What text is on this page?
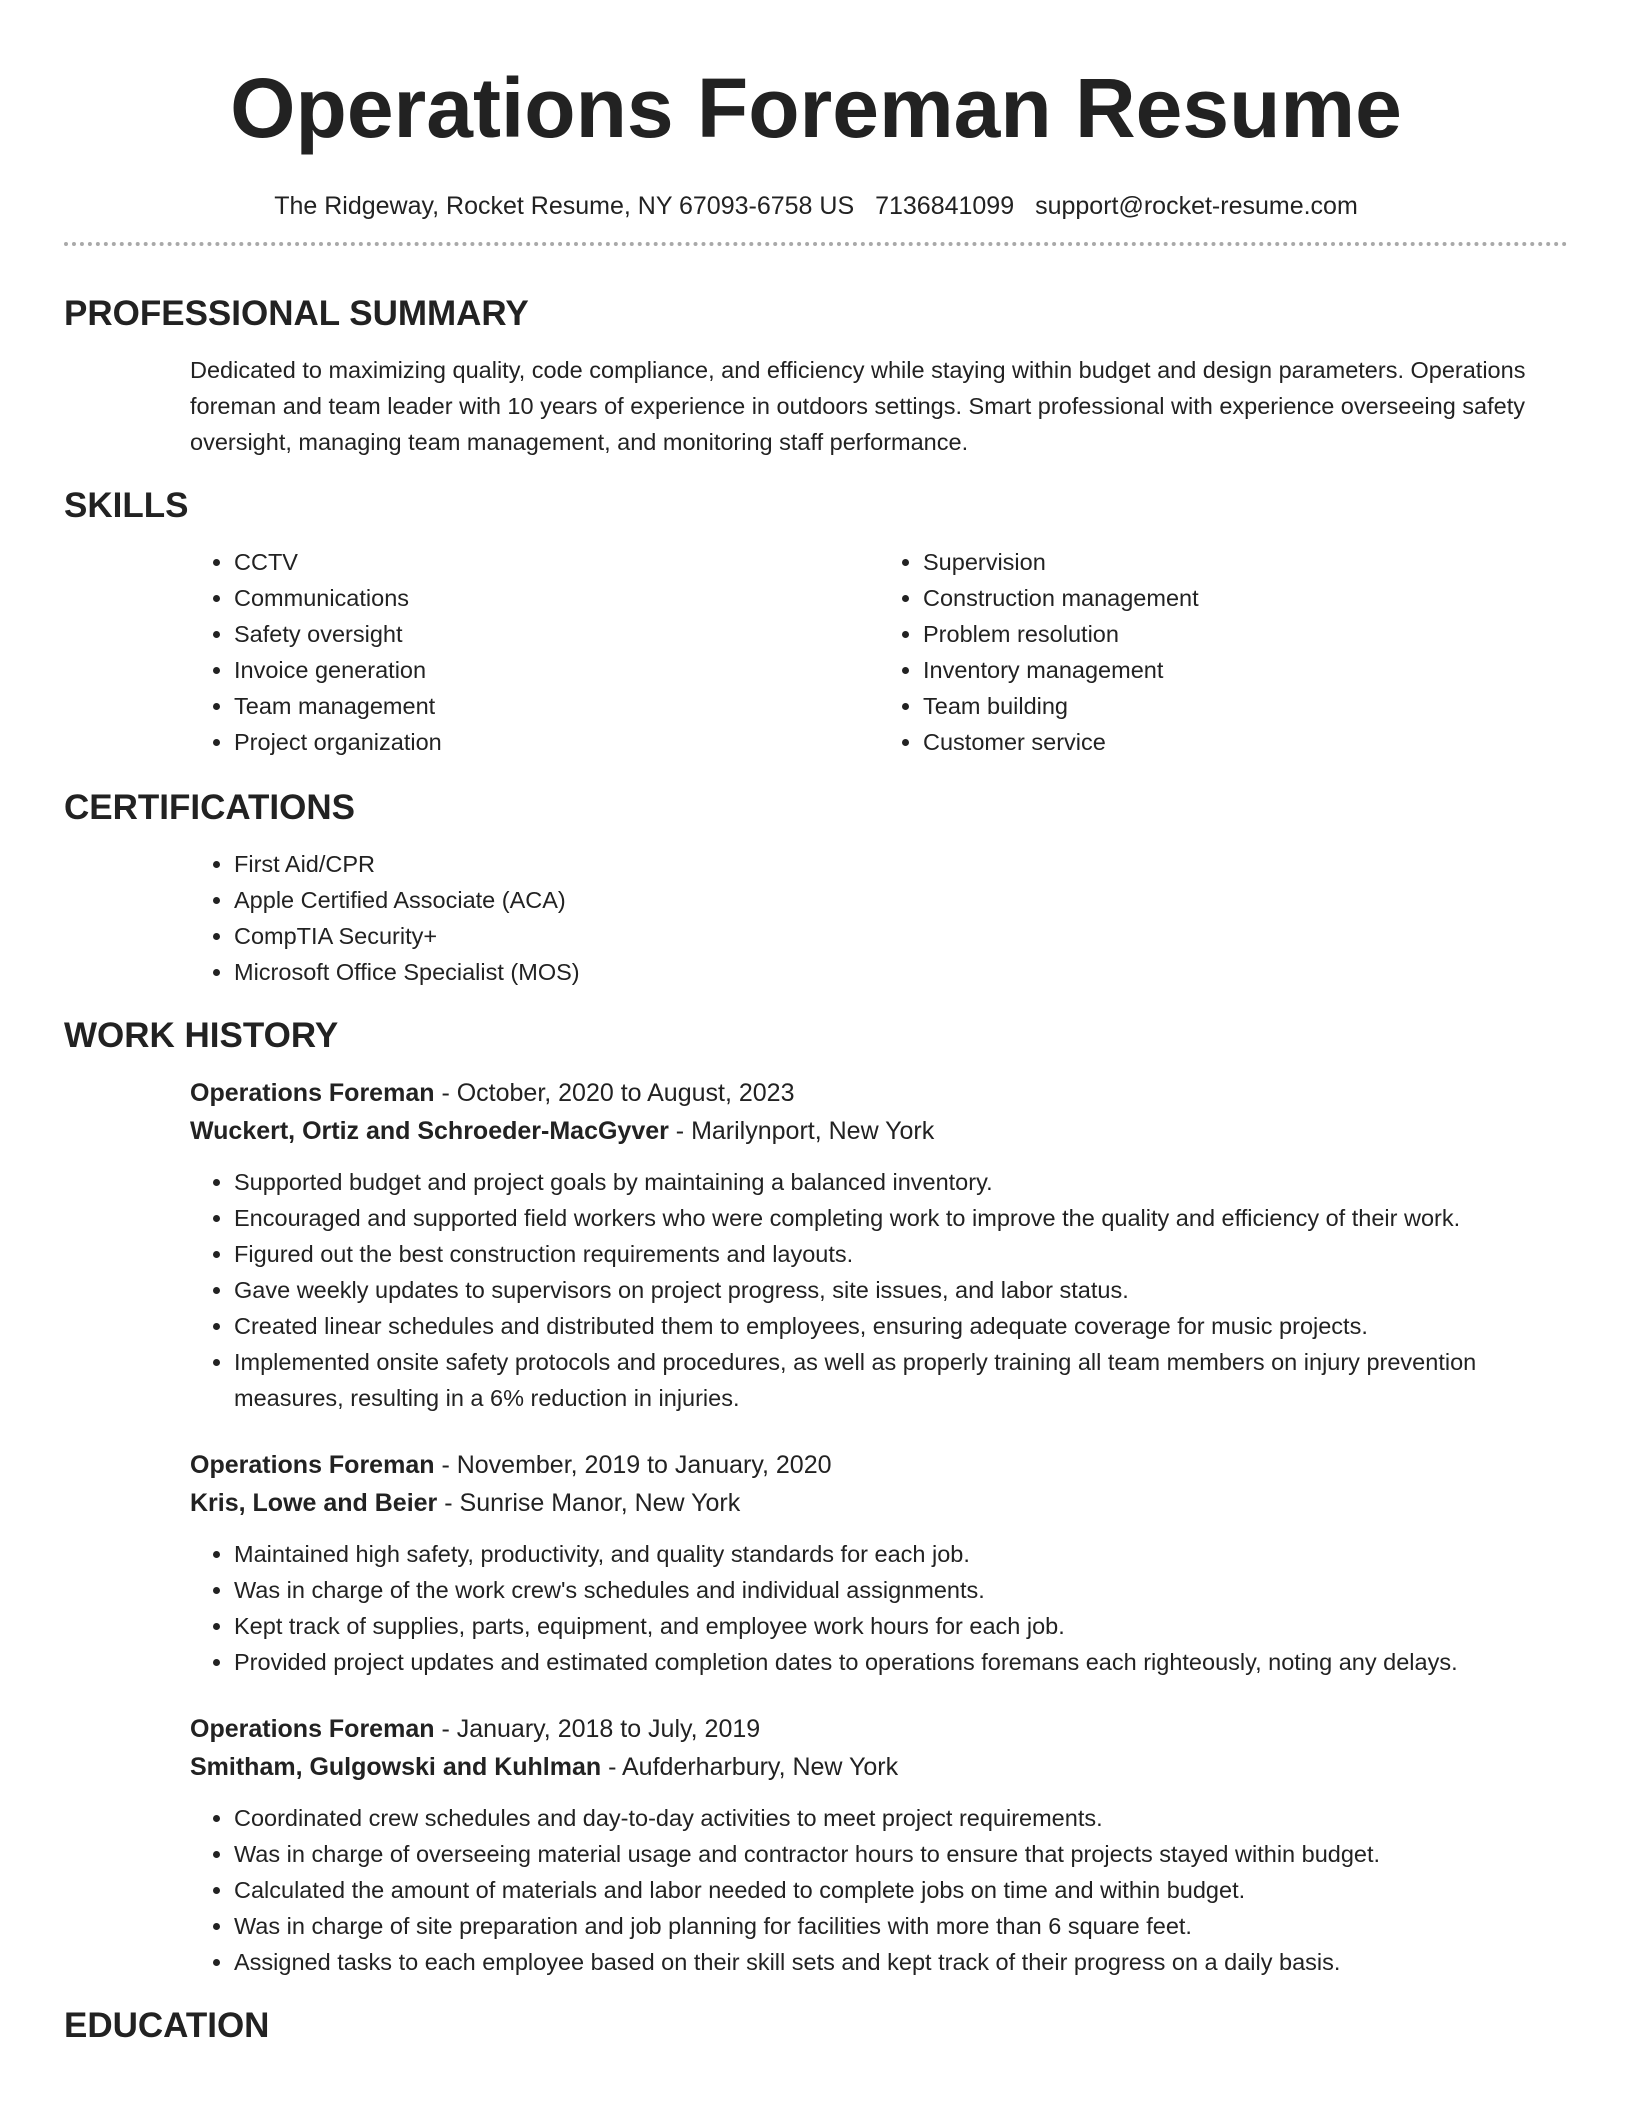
Operations Foreman Resume
The Ridgeway, Rocket Resume, NY 67093-6758 US 7136841099 support@rocket-resume.com
PROFESSIONAL SUMMARY

Dedicated to maximizing quality, code compliance, and efficiency while staying within budget and design parameters. Operations foreman and team leader with 10 years of experience in outdoors settings. Smart professional with experience overseeing safety oversight, managing team management, and monitoring staff performance.

SKILLS
• CCTV
• Communications
• Safety oversight
• Invoice generation
• Team management
• Project organization
• Supervision
• Construction management
• Problem resolution
• Inventory management
• Team building
• Customer service
CERTIFICATIONS
• First Aid/CPR
• Apple Certified Associate (ACA)
• CompTIA Security+
• Microsoft Office Specialist (MOS)
WORK HISTORY
Operations Foreman - October, 2020 to August, 2023
Wuckert, Ortiz and Schroeder-MacGyver - Marilynport, New York
• Supported budget and project goals by maintaining a balanced inventory.
• Encouraged and supported field workers who were completing work to improve the quality and efficiency of their work.
• Figured out the best construction requirements and layouts.
• Gave weekly updates to supervisors on project progress, site issues, and labor status.
• Created linear schedules and distributed them to employees, ensuring adequate coverage for music projects.
• Implemented onsite safety protocols and procedures, as well as properly training all team members on injury prevention measures, resulting in a 6% reduction in injuries.
Operations Foreman - November, 2019 to January, 2020
Kris, Lowe and Beier - Sunrise Manor, New York
• Maintained high safety, productivity, and quality standards for each job.
• Was in charge of the work crew's schedules and individual assignments.
• Kept track of supplies, parts, equipment, and employee work hours for each job.
• Provided project updates and estimated completion dates to operations foremans each righteously, noting any delays.
Operations Foreman - January, 2018 to July, 2019
Smitham, Gulgowski and Kuhlman - Aufderharbury, New York
• Coordinated crew schedules and day-to-day activities to meet project requirements.
• Was in charge of overseeing material usage and contractor hours to ensure that projects stayed within budget.
• Calculated the amount of materials and labor needed to complete jobs on time and within budget.
• Was in charge of site preparation and job planning for facilities with more than 6 square feet.
• Assigned tasks to each employee based on their skill sets and kept track of their progress on a daily basis.
EDUCATION
